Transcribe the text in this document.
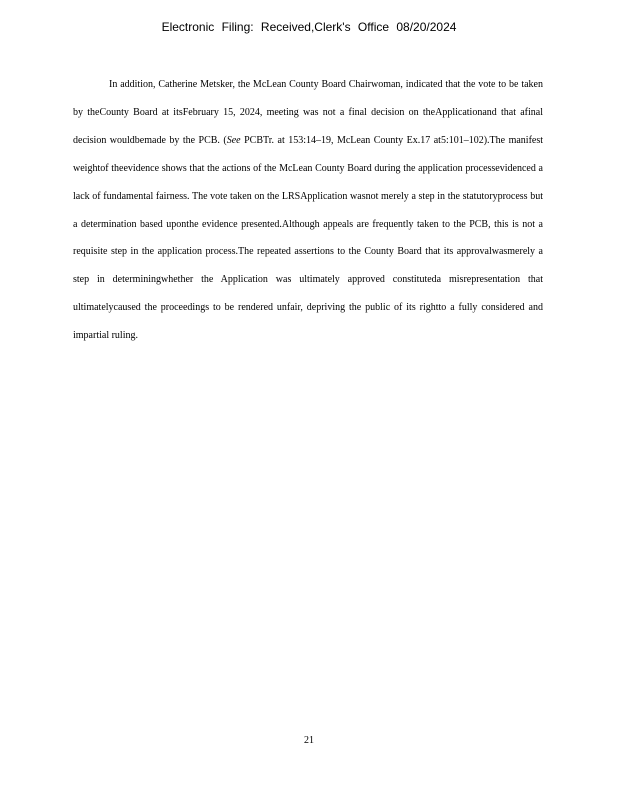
Electronic Filing: Received,Clerk's Office 08/20/2024

In addition, Catherine Metsker, the McLean County Board Chairwoman, indicated that the vote to be taken by theCounty Board at itsFebruary 15, 2024, meeting was not a final decision on theApplicationand that afinal decision wouldbemade by the PCB. (See PCBTr. at 153:14–19, McLean County Ex.17 at5:101–102).The manifest weightof theevidence shows that the actions of the McLean County Board during the application processevidenced a lack of fundamental fairness. The vote taken on the LRSApplication wasnot merely a step in the statutoryprocess but a determination based uponthe evidence presented.Although appeals are frequently taken to the PCB, this is not a requisite step in the application process.The repeated assertions to the County Board that its approvalwasmerely a step in determiningwhether the Application was ultimately approved constituteda misrepresentation that ultimatelycaused the proceedings to be rendered unfair, depriving the public of its rightto a fully considered and impartial ruling.

21
